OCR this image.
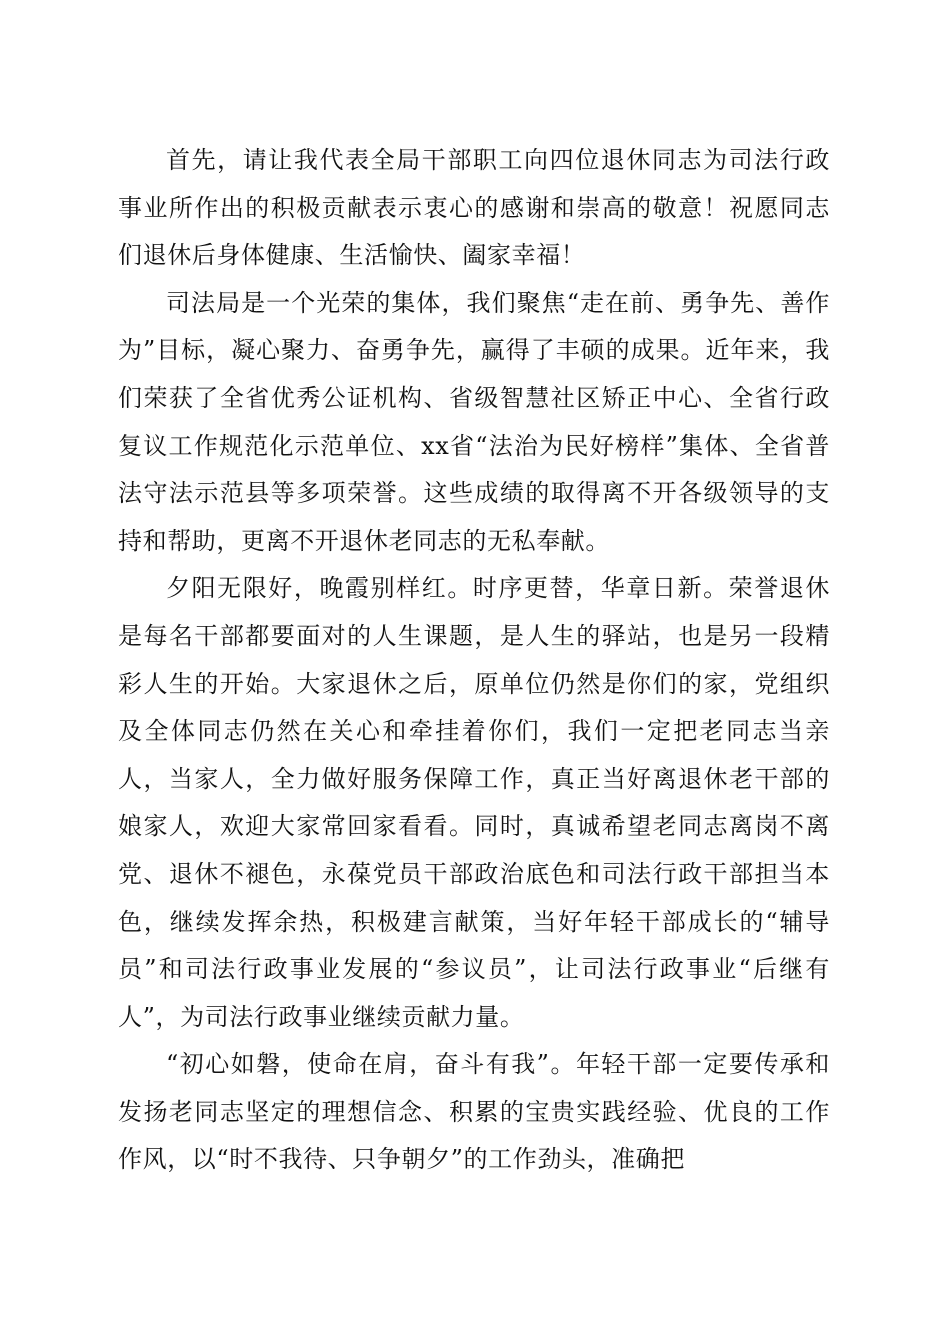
首先，请让我代表全局干部职工向四位退休同志为司法行政事业所作出的积极贡献表示衷心的感谢和崇高的敬意！祝愿同志们退休后身体健康、生活愉快、阖家幸福！

司法局是一个光荣的集体，我们聚焦“走在前、勇争先、善作为”目标，凝心聚力、奋勇争先，赢得了丰硕的成果。近年来，我们荣获了全省优秀公证机构、省级智慧社区矫正中心、全省行政复议工作规范化示范单位、xx省“法治为民好榜样”集体、全省普法守法示范县等多项荣誉。这些成绩的取得离不开各级领导的支持和帮助，更离不开退休老同志的无私奉献。

夕阳无限好，晚霞别样红。时序更替，华章日新。荣誉退休是每名干部都要面对的人生课题，是人生的驿站，也是另一段精彩人生的开始。大家退休之后，原单位仍然是你们的家，党组织及全体同志仍然在关心和牵挂着你们，我们一定把老同志当亲人，当家人，全力做好服务保障工作，真正当好离退休老干部的娘家人，欢迎大家常回家看看。同时，真诚希望老同志离岗不离党、退休不褪色，永葆党员干部政治底色和司法行政干部担当本色，继续发挥余热，积极建言献策，当好年轻干部成长的“辅导员”和司法行政事业发展的“参议员”，让司法行政事业“后继有人”，为司法行政事业继续贡献力量。

“初心如磐，使命在肩，奋斗有我”。年轻干部一定要传承和发扬老同志坚定的理想信念、积累的宝贵实践经验、优良的工作作风，以“时不我待、只争朝夕”的工作劲头，准确把
